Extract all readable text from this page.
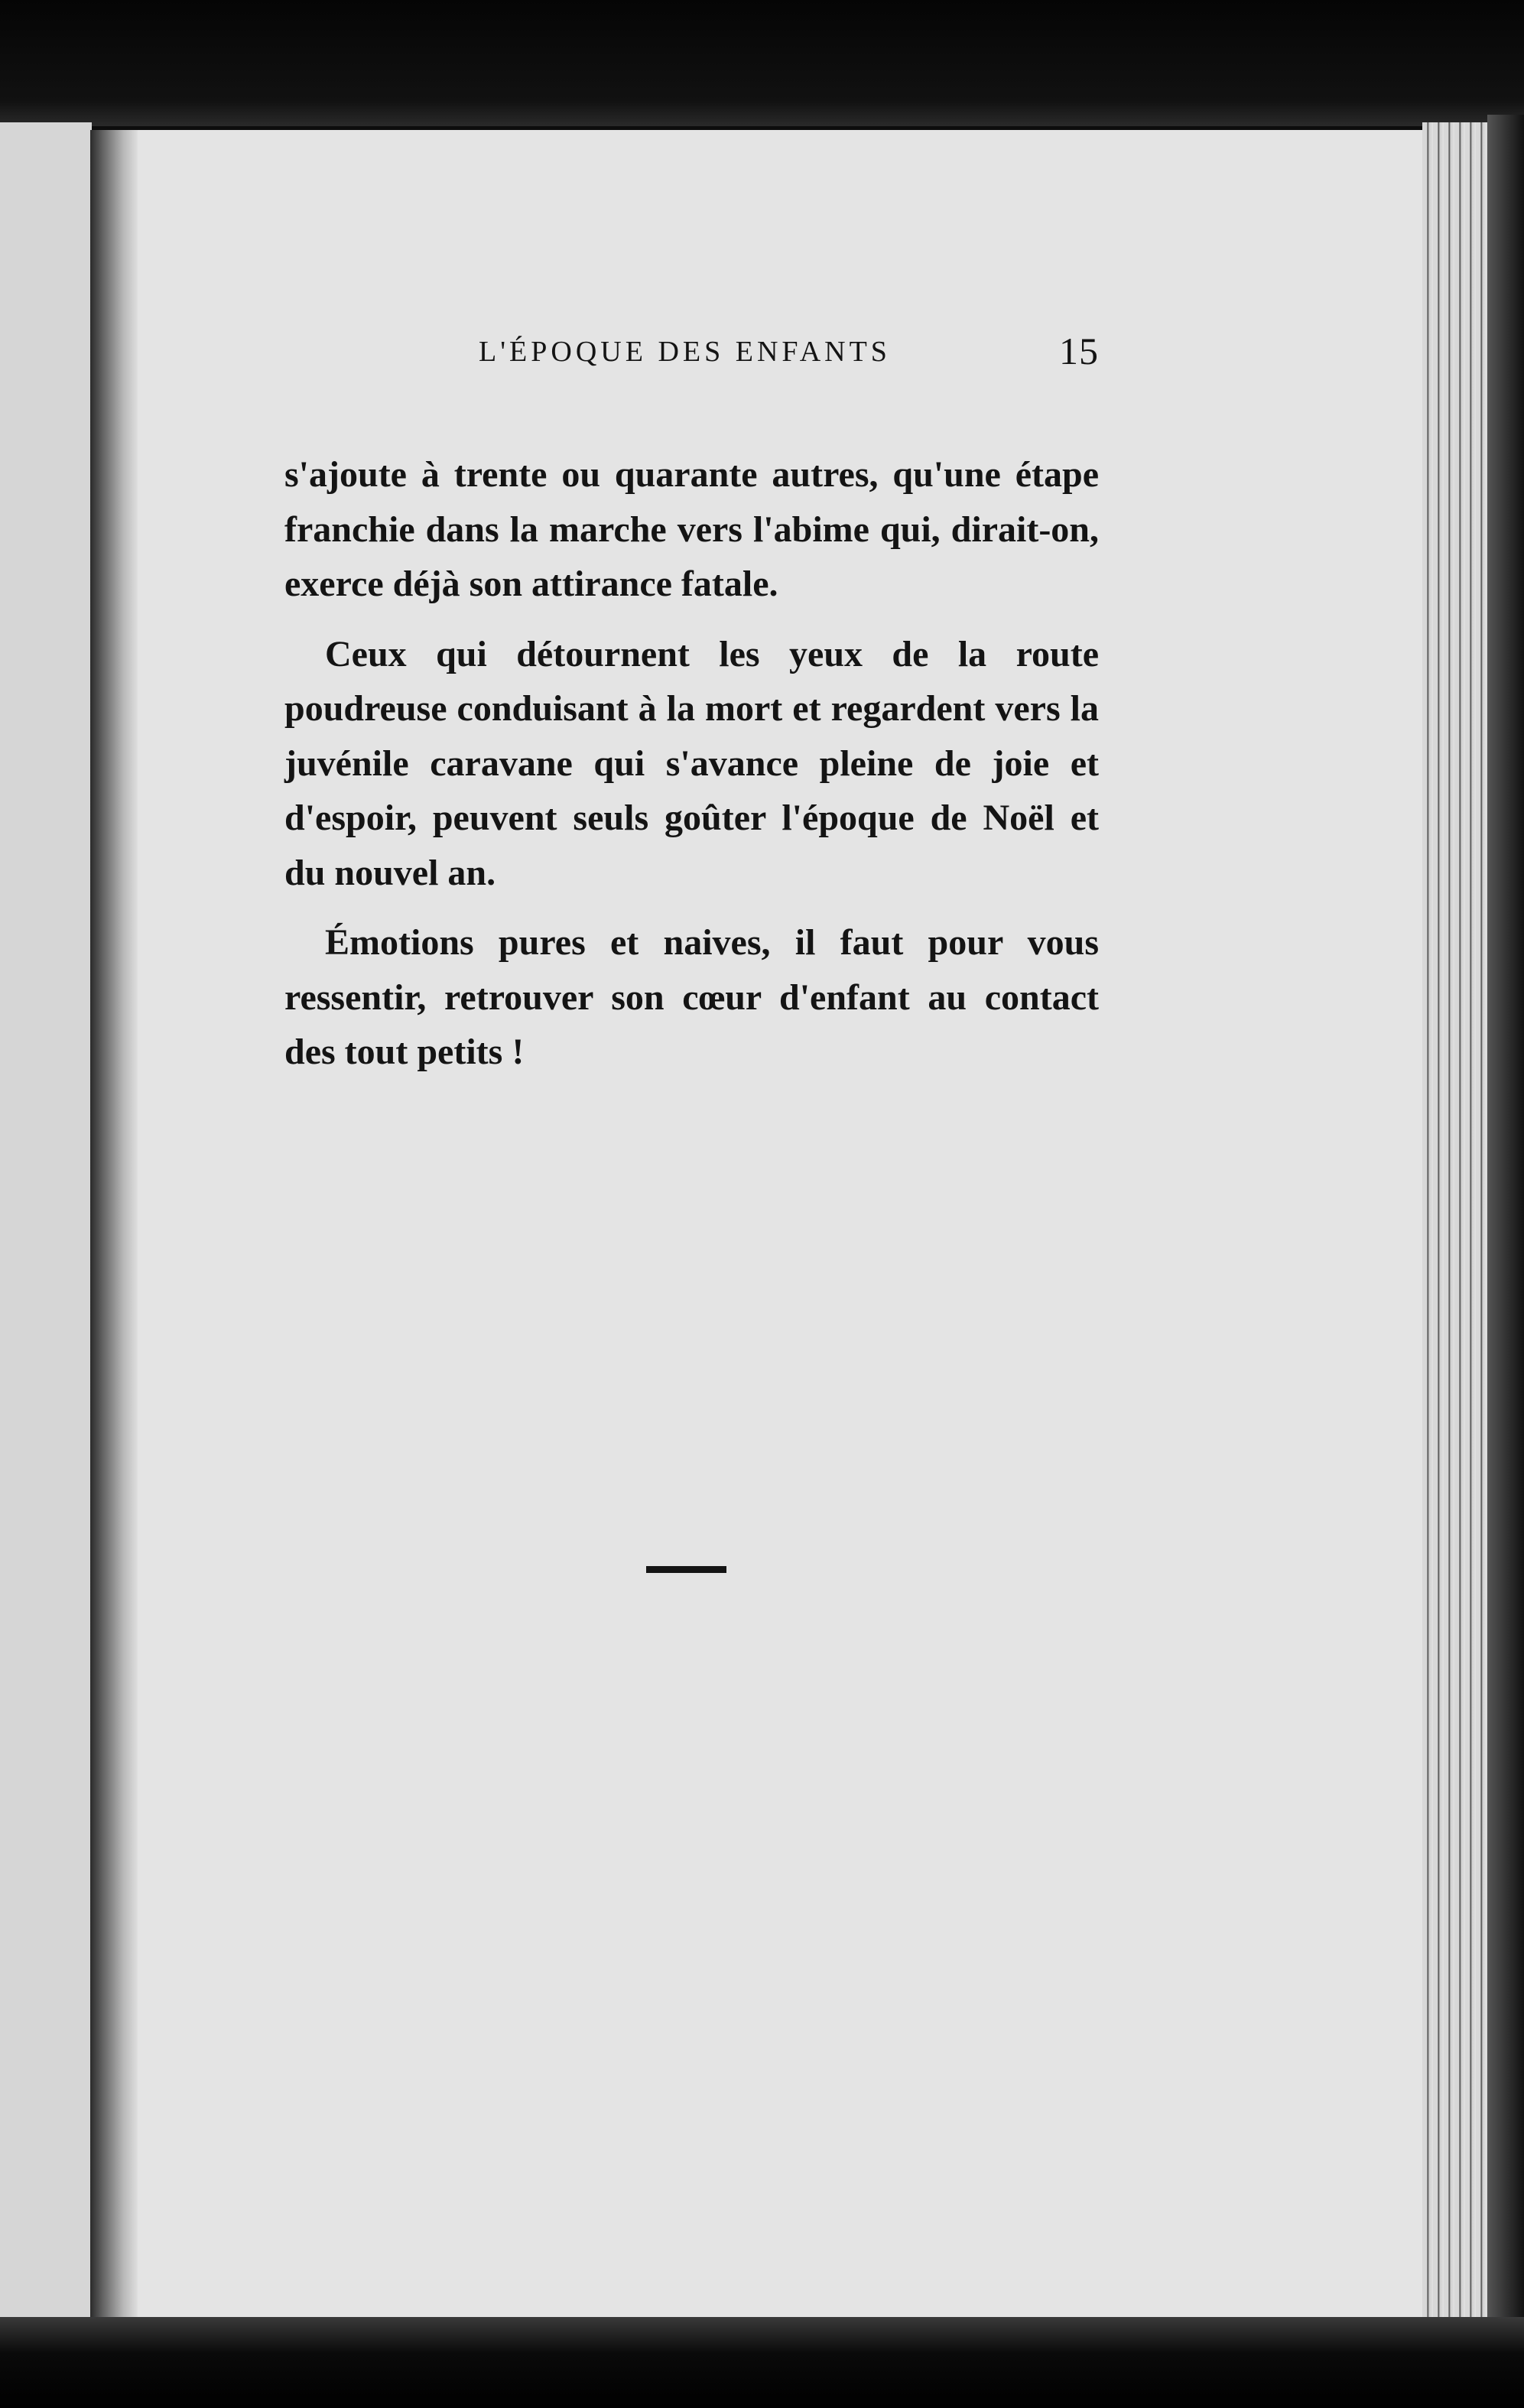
L'ÉPOQUE DES ENFANTS	15

s'ajoute à trente ou quarante autres, qu'une étape franchie dans la marche vers l'abime qui, dirait-on, exerce déjà son attirance fatale.

Ceux qui détournent les yeux de la route poudreuse conduisant à la mort et regardent vers la juvénile caravane qui s'avance pleine de joie et d'espoir, peuvent seuls goûter l'époque de Noël et du nouvel an.

Émotions pures et naives, il faut pour vous ressentir, retrouver son cœur d'enfant au contact des tout petits !
